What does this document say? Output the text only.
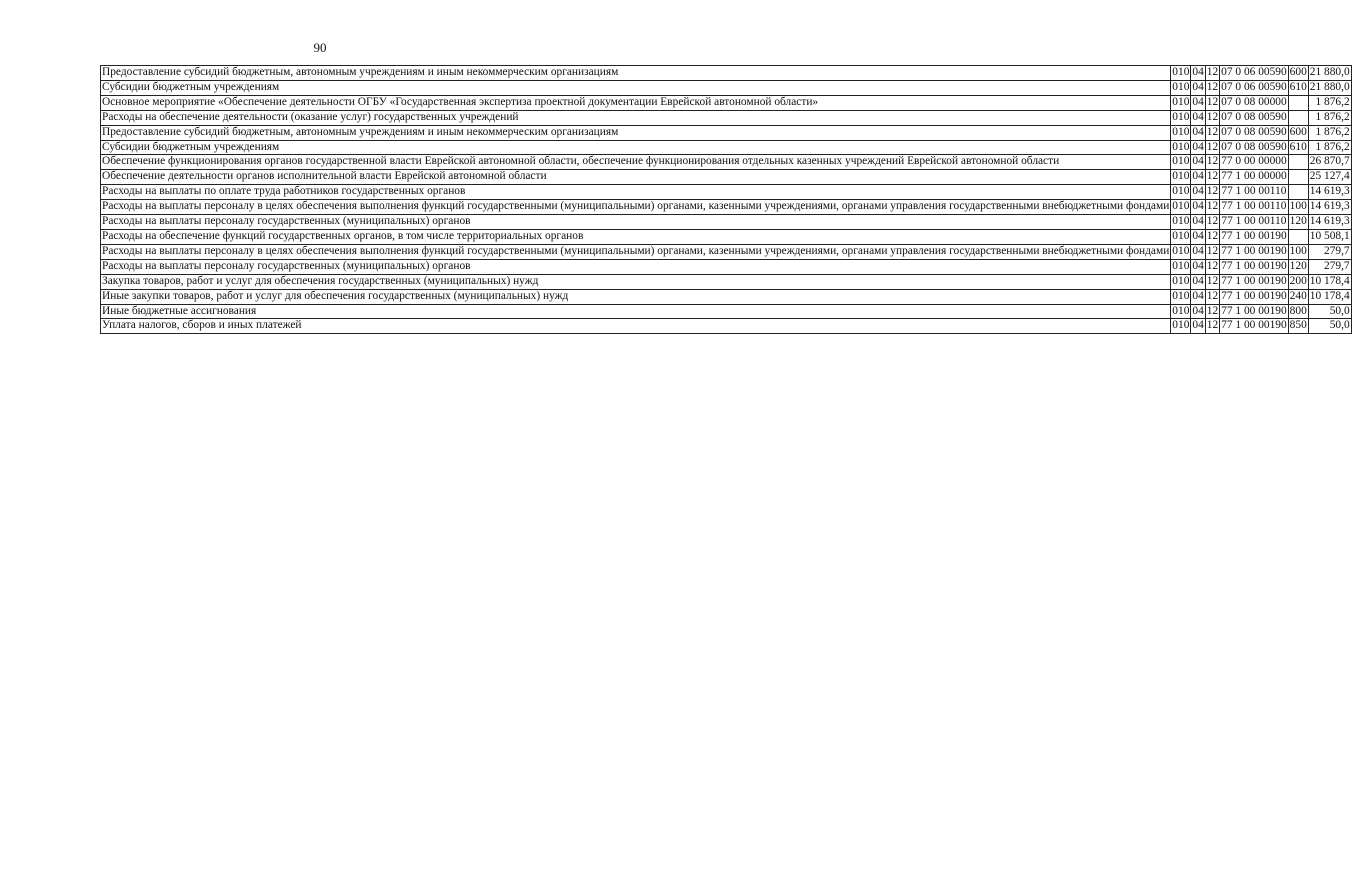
90
Предоставление субсидий бюджетным, автономным учреждениям и иным некоммерческим организациям	010	04	12	07 0 06 00590	600	21 880,0
Субсидии бюджетным учреждениям	010	04	12	07 0 06 00590	610	21 880,0
Основное мероприятие «Обеспечение деятельности ОГБУ «Государственная экспертиза проектной документации Еврейской автономной области»	010	04	12	07 0 08 00000		1 876,2
Расходы на обеспечение деятельности (оказание услуг) государственных учреждений	010	04	12	07 0 08 00590		1 876,2
Предоставление субсидий бюджетным, автономным учреждениям и иным некоммерческим организациям	010	04	12	07 0 08 00590	600	1 876,2
Субсидии бюджетным учреждениям	010	04	12	07 0 08 00590	610	1 876,2
Обеспечение функционирования органов государственной власти Еврейской автономной области, обеспечение функционирования отдельных казенных учреждений Еврейской автономной области	010	04	12	77 0 00 00000		26 870,7
Обеспечение деятельности органов исполнительной власти Еврейской автономной области	010	04	12	77 1 00 00000		25 127,4
Расходы на выплаты по оплате труда работников государственных органов	010	04	12	77 1 00 00110		14 619,3
Расходы на выплаты персоналу в целях обеспечения выполнения функций государственными (муниципальными) органами, казенными учреждениями, органами управления государственными внебюджетными фондами	010	04	12	77 1 00 00110	100	14 619,3
Расходы на выплаты персоналу государственных (муниципальных) органов	010	04	12	77 1 00 00110	120	14 619,3
Расходы на обеспечение функций государственных органов, в том числе территориальных органов	010	04	12	77 1 00 00190		10 508,1
Расходы на выплаты персоналу в целях обеспечения выполнения функций государственными (муниципальными) органами, казенными учреждениями, органами управления государственными внебюджетными фондами	010	04	12	77 1 00 00190	100	279,7
Расходы на выплаты персоналу государственных (муниципальных) органов	010	04	12	77 1 00 00190	120	279,7
Закупка товаров, работ и услуг для обеспечения государственных (муниципальных) нужд	010	04	12	77 1 00 00190	200	10 178,4
Иные закупки товаров, работ и услуг для обеспечения государственных (муниципальных) нужд	010	04	12	77 1 00 00190	240	10 178,4
Иные бюджетные ассигнования	010	04	12	77 1 00 00190	800	50,0
Уплата налогов, сборов и иных платежей	010	04	12	77 1 00 00190	850	50,0
